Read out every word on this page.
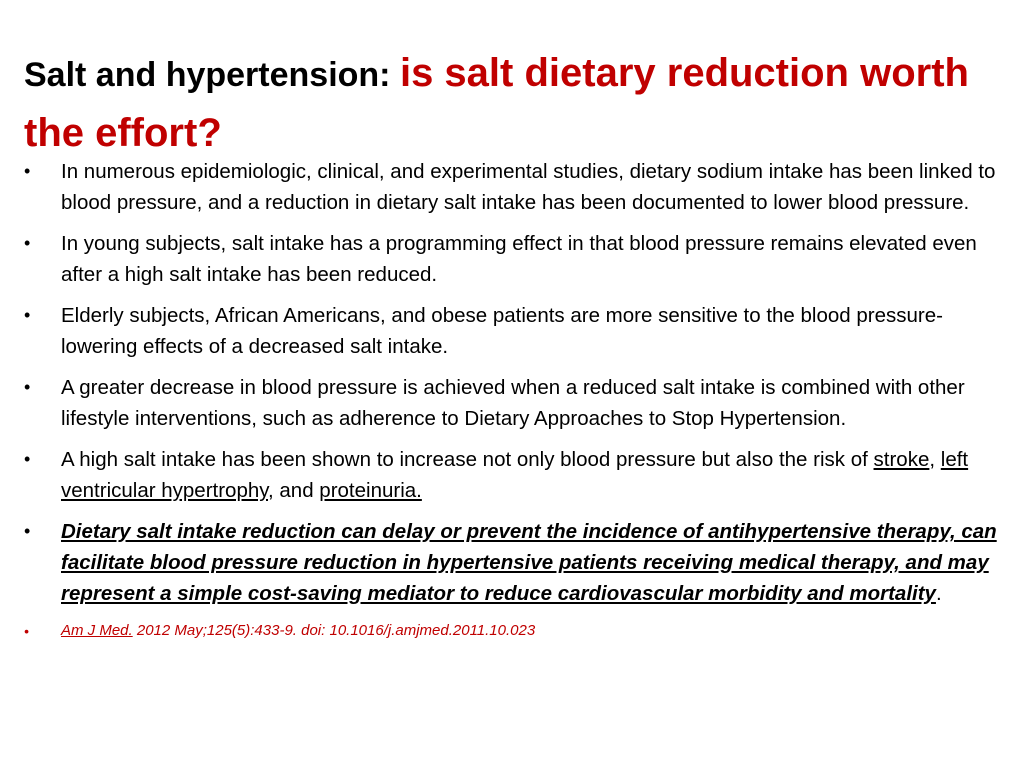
Salt and hypertension: is salt dietary reduction worth the effort?
• In numerous epidemiologic, clinical, and experimental studies, dietary sodium intake has been linked to blood pressure, and a reduction in dietary salt intake has been documented to lower blood pressure.
• In young subjects, salt intake has a programming effect in that blood pressure remains elevated even after a high salt intake has been reduced.
• Elderly subjects, African Americans, and obese patients are more sensitive to the blood pressure-lowering effects of a decreased salt intake.
• A greater decrease in blood pressure is achieved when a reduced salt intake is combined with other lifestyle interventions, such as adherence to Dietary Approaches to Stop Hypertension.
• A high salt intake has been shown to increase not only blood pressure but also the risk of stroke, left ventricular hypertrophy, and proteinuria.
• Dietary salt intake reduction can delay or prevent the incidence of antihypertensive therapy, can facilitate blood pressure reduction in hypertensive patients receiving medical therapy, and may represent a simple cost-saving mediator to reduce cardiovascular morbidity and mortality.
• Am J Med. 2012 May;125(5):433-9. doi: 10.1016/j.amjmed.2011.10.023
